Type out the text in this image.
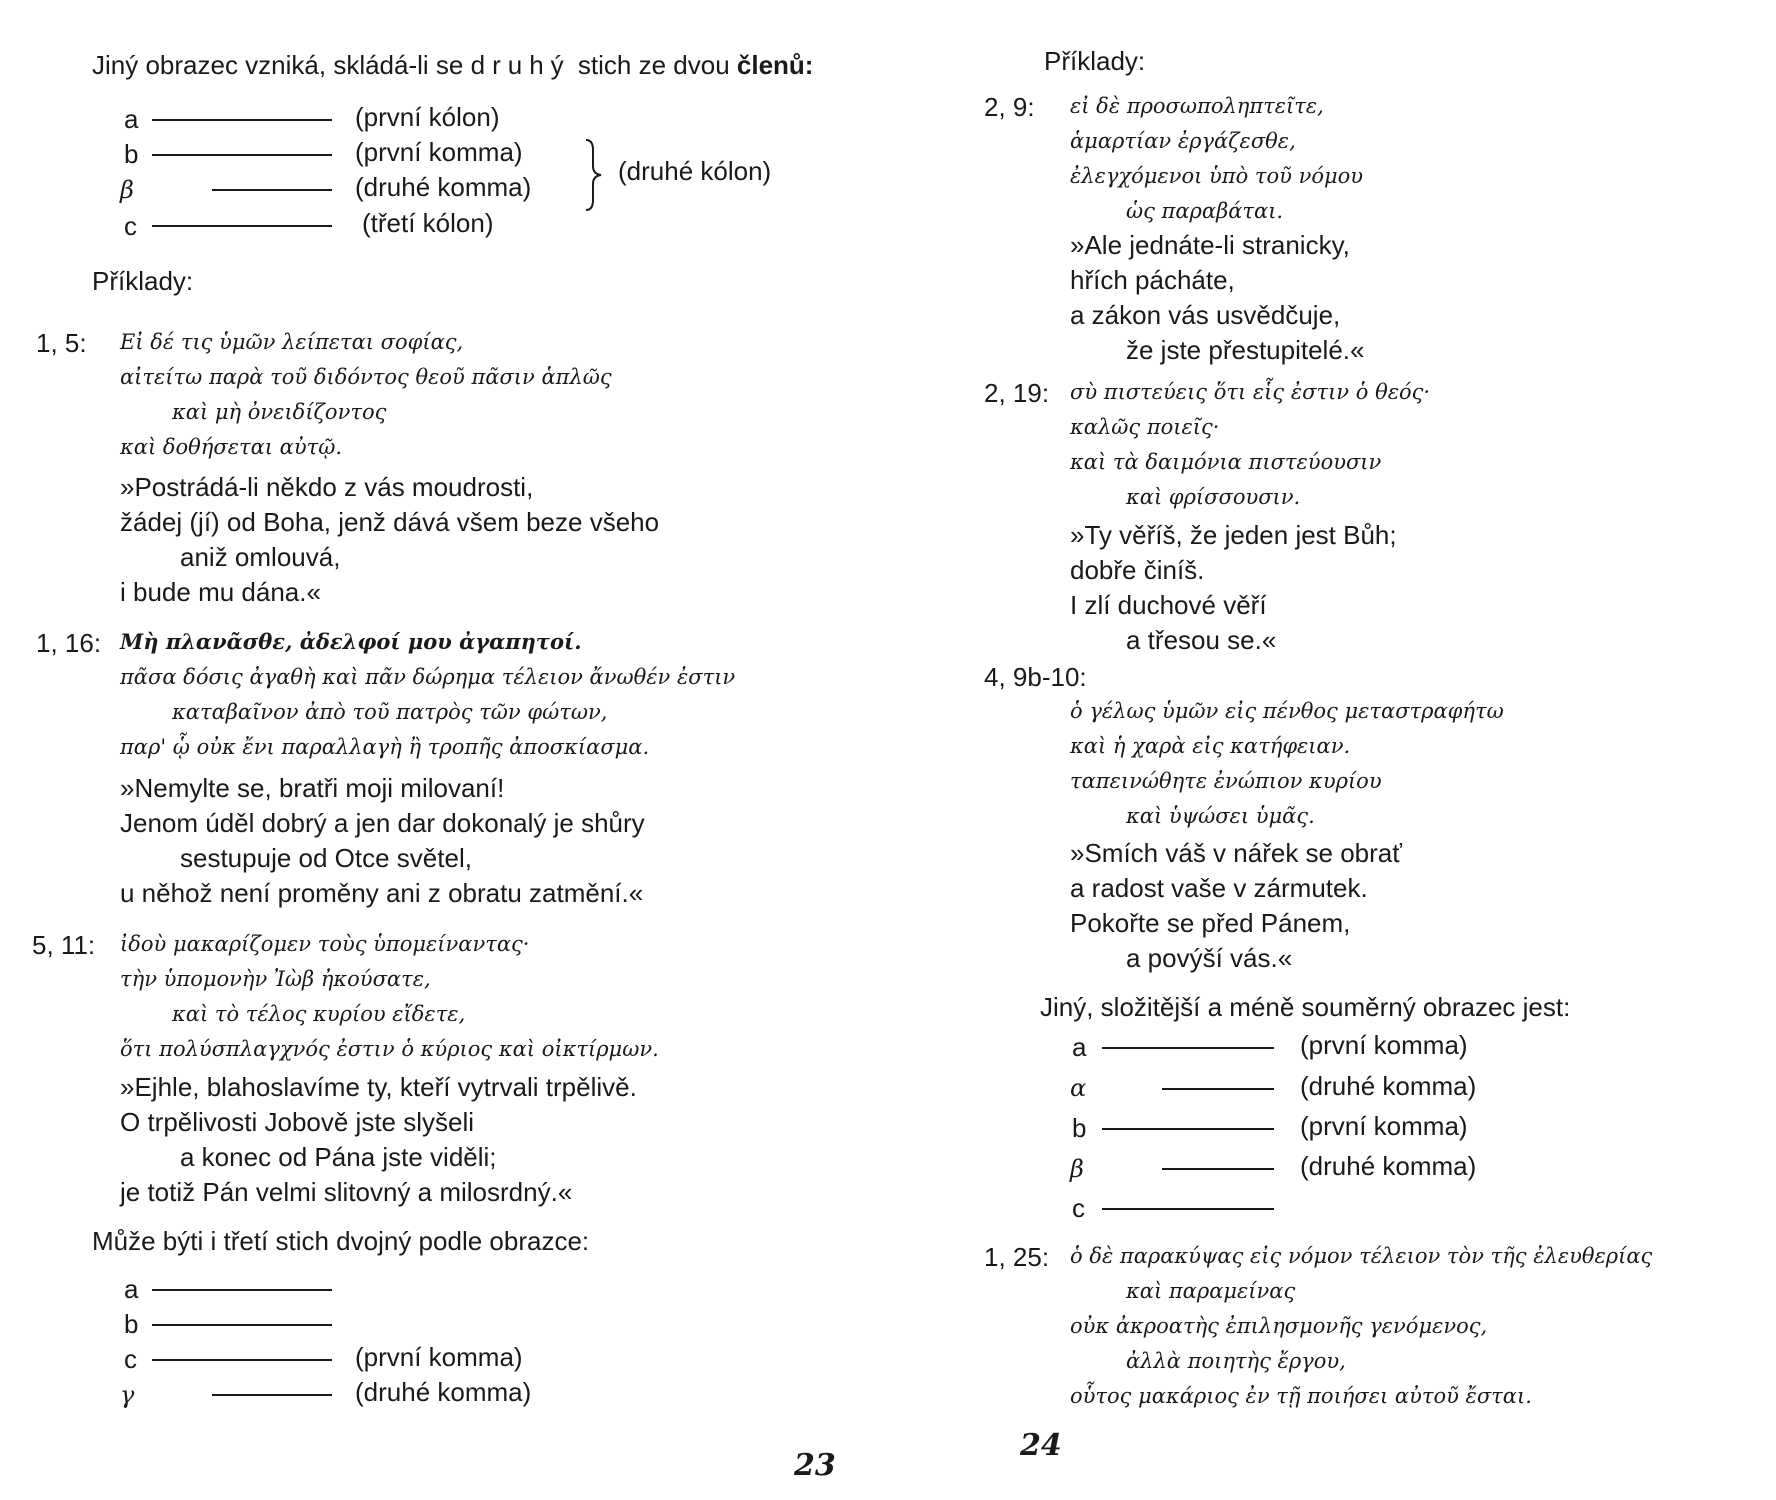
Jiný obrazec vzniká, skládá-li se druhý stich ze dvou členů:
a	(první kólon)
b	(první komma)
β	(druhé komma)
c	(třetí kólon)
(druhé kólon)
Příklady:
1, 5: Εἰ δέ τις ὑμῶν λείπεται σοφίας,
αἰτείτω παρὰ τοῦ διδόντος θεοῦ πᾶσιν ἁπλῶς
καὶ μὴ ὀνειδίζοντος
καὶ δοθήσεται αὐτῷ.
»Postrádá-li někdo z vás moudrosti,
žádej (jí) od Boha, jenž dává všem beze všeho
aniž omlouvá,
i bude mu dána.«
1, 16: Μὴ πλανᾶσθε, ἀδελφοί μου ἀγαπητοί.
πᾶσα δόσις ἀγαθὴ καὶ πᾶν δώρημα τέλειον ἄνωθέν ἐστιν
καταβαῖνον ἀπὸ τοῦ πατρὸς τῶν φώτων,
παρ' ᾧ οὐκ ἔνι παραλλαγὴ ἢ τροπῆς ἀποσκίασμα.
»Nemylte se, bratři moji milovaní!
Jenom úděl dobrý a jen dar dokonalý je shůry
sestupuje od Otce světel,
u něhož není proměny ani z obratu zatmění.«
5, 11: ἰδοὺ μακαρίζομεν τοὺς ὑπομείναντας·
τὴν ὑπομονὴν Ἰὼβ ἠκούσατε,
καὶ τὸ τέλος κυρίου εἴδετε,
ὅτι πολύσπλαγχνός ἐστιν ὁ κύριος καὶ οἰκτίρμων.
»Ejhle, blahoslavíme ty, kteří vytrvali trpělivě.
O trpělivosti Jobově jste slyšeli
a konec od Pána jste viděli;
je totiž Pán velmi slitovný a milosrdný.«
Může býti i třetí stich dvojný podle obrazce:
a
b
c	(první komma)
γ	(druhé komma)
23
Příklady:
2, 9: εἰ δὲ προσωποληπτεῖτε,
ἁμαρτίαν ἐργάζεσθε,
ἐλεγχόμενοι ὑπὸ τοῦ νόμου
ὡς παραβάται.
»Ale jednáte-li stranicky,
hřích pácháte,
a zákon vás usvědčuje,
že jste přestupitelé.«
2, 19: σὺ πιστεύεις ὅτι εἷς ἐστιν ὁ θεός·
καλῶς ποιεῖς·
καὶ τὰ δαιμόνια πιστεύουσιν
καὶ φρίσσουσιν.
»Ty věříš, že jeden jest Bůh;
dobře činíš.
I zlí duchové věří
a třesou se.«
4, 9b-10:
ὁ γέλως ὑμῶν εἰς πένθος μεταστραφήτω
καὶ ἡ χαρὰ εἰς κατήφειαν.
ταπεινώθητε ἐνώπιον κυρίου
καὶ ὑψώσει ὑμᾶς.
»Smích váš v nářek se obrať
a radost vaše v zármutek.
Pokořte se před Pánem,
a povýší vás.«
Jiný, složitější a méně souměrný obrazec jest:
a	(první komma)
α	(druhé komma)
b	(první komma)
β	(druhé komma)
c
1, 25: ὁ δὲ παρακύψας εἰς νόμον τέλειον τὸν τῆς ἐλευθερίας
καὶ παραμείνας
οὐκ ἀκροατὴς ἐπιλησμονῆς γενόμενος,
ἀλλὰ ποιητὴς ἔργου,
οὗτος μακάριος ἐν τῇ ποιήσει αὐτοῦ ἔσται.
24
